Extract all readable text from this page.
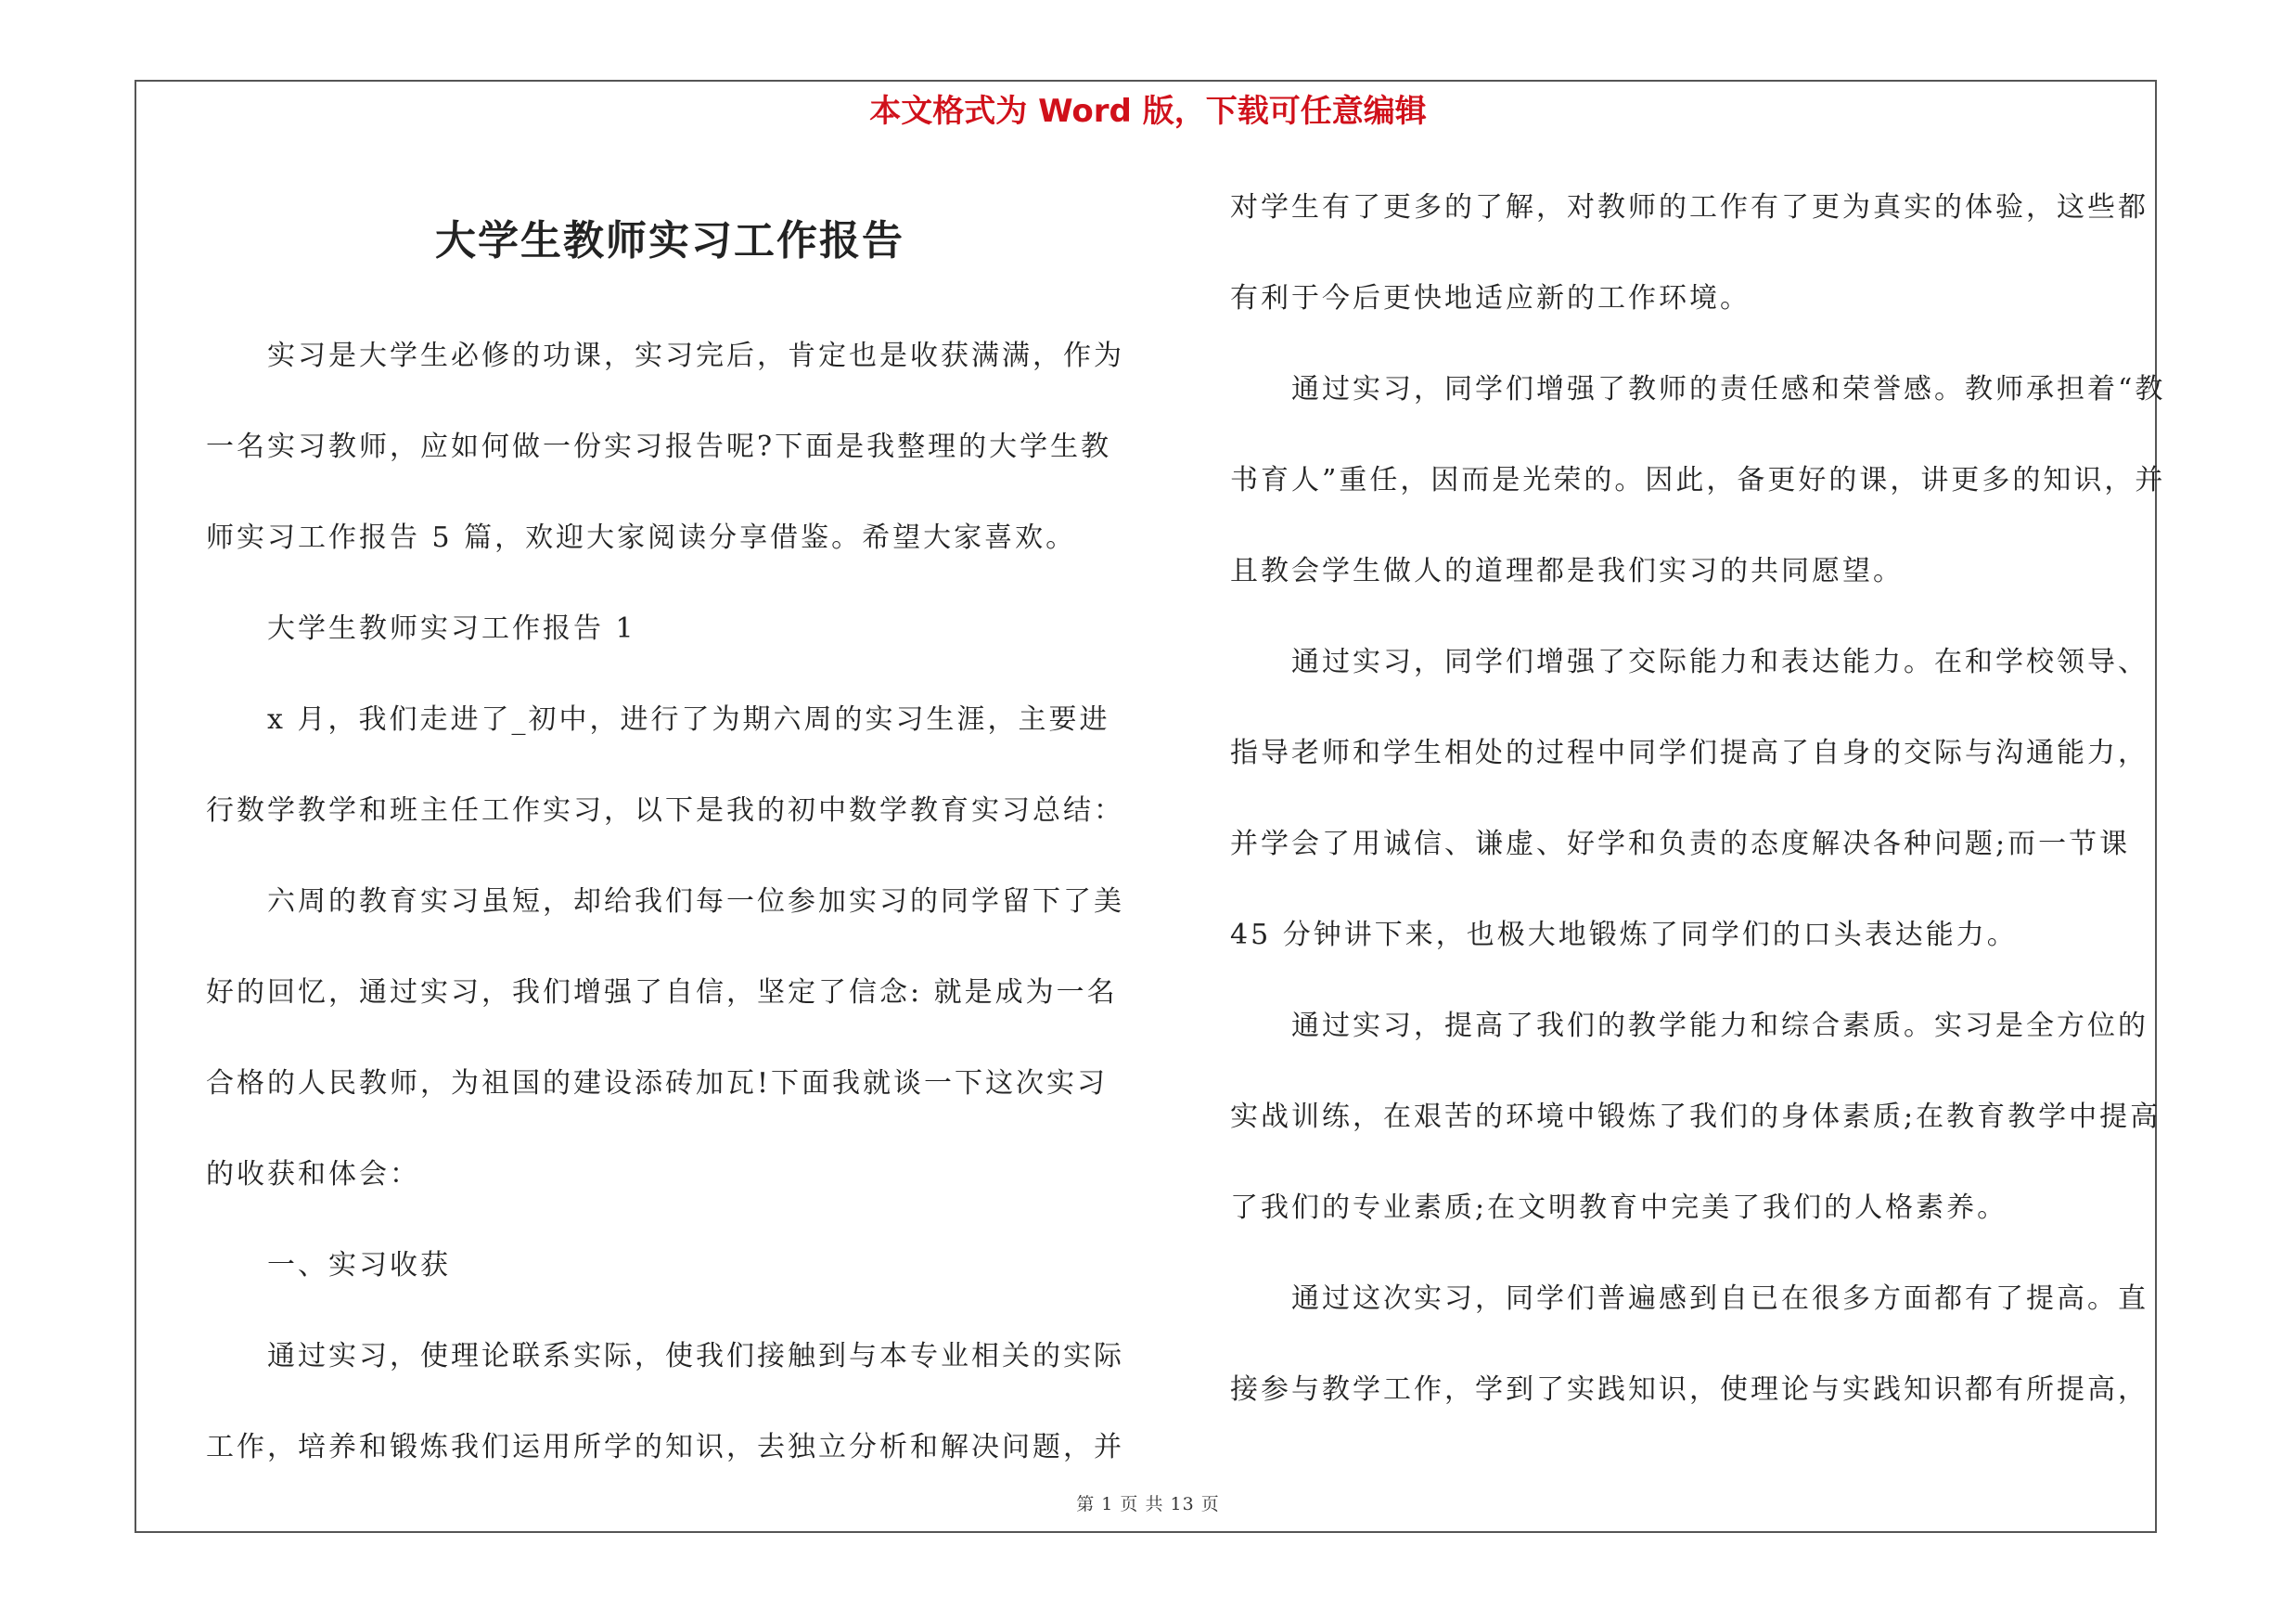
本文格式为 Word 版，下载可任意编辑
大学生教师实习工作报告

实习是大学生必修的功课，实习完后，肯定也是收获满满，作为一名实习教师，应如何做一份实习报告呢?下面是我整理的大学生教师实习工作报告 5 篇，欢迎大家阅读分享借鉴。希望大家喜欢。

大学生教师实习工作报告 1

x 月，我们走进了_初中，进行了为期六周的实习生涯，主要进行数学教学和班主任工作实习，以下是我的初中数学教育实习总结：

六周的教育实习虽短，却给我们每一位参加实习的同学留下了美好的回忆，通过实习，我们增强了自信，坚定了信念: 就是成为一名合格的人民教师，为祖国的建设添砖加瓦!下面我就谈一下这次实习的收获和体会：

一、实习收获

通过实习，使理论联系实际，使我们接触到与本专业相关的实际工作，培养和锻炼我们运用所学的知识，去独立分析和解决问题，并

对学生有了更多的了解，对教师的工作有了更为真实的体验，这些都有利于今后更快地适应新的工作环境。

通过实习，同学们增强了教师的责任感和荣誉感。教师承担着“教书育人”重任，因而是光荣的。因此，备更好的课，讲更多的知识，并且教会学生做人的道理都是我们实习的共同愿望。

通过实习，同学们增强了交际能力和表达能力。在和学校领导、指导老师和学生相处的过程中同学们提高了自身的交际与沟通能力，并学会了用诚信、谦虚、好学和负责的态度解决各种问题;而一节课 45 分钟讲下来，也极大地锻炼了同学们的口头表达能力。

通过实习，提高了我们的教学能力和综合素质。实习是全方位的实战训练，在艰苦的环境中锻炼了我们的身体素质;在教育教学中提高了我们的专业素质;在文明教育中完美了我们的人格素养。

通过这次实习，同学们普遍感到自已在很多方面都有了提高。直接参与教学工作，学到了实践知识，使理论与实践知识都有所提高，

第 1 页 共 13 页
